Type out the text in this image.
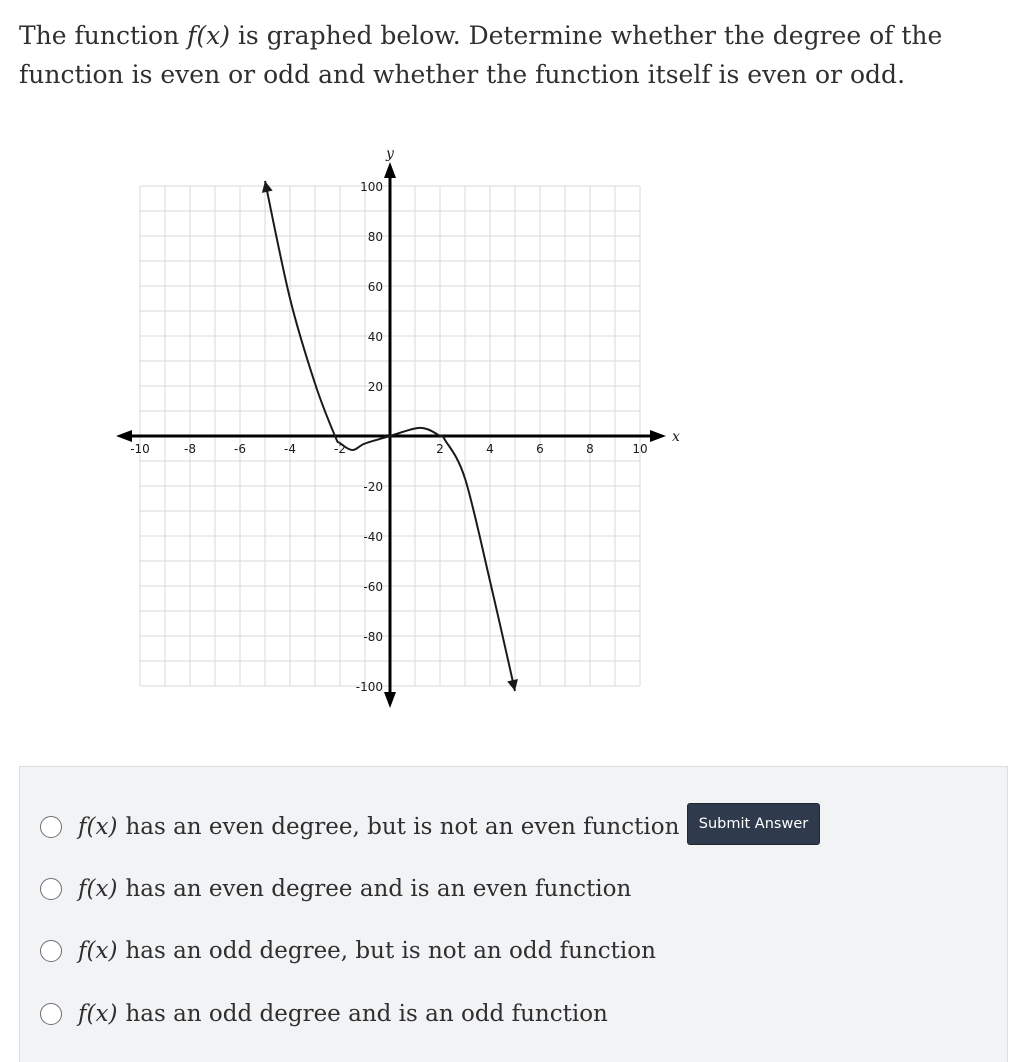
The function f(x) is graphed below. Determine whether the degree of the function is even or odd and whether the function itself is even or odd.
x
y
-10	-8	-6	-4	-2	2	4	6	8	10
100
80
60
40
20
-20
-40
-60
-80
-100
f(x) has an even degree, but is not an even function
f(x) has an even degree and is an even function
f(x) has an odd degree, but is not an odd function
f(x) has an odd degree and is an odd function
Submit Answer
